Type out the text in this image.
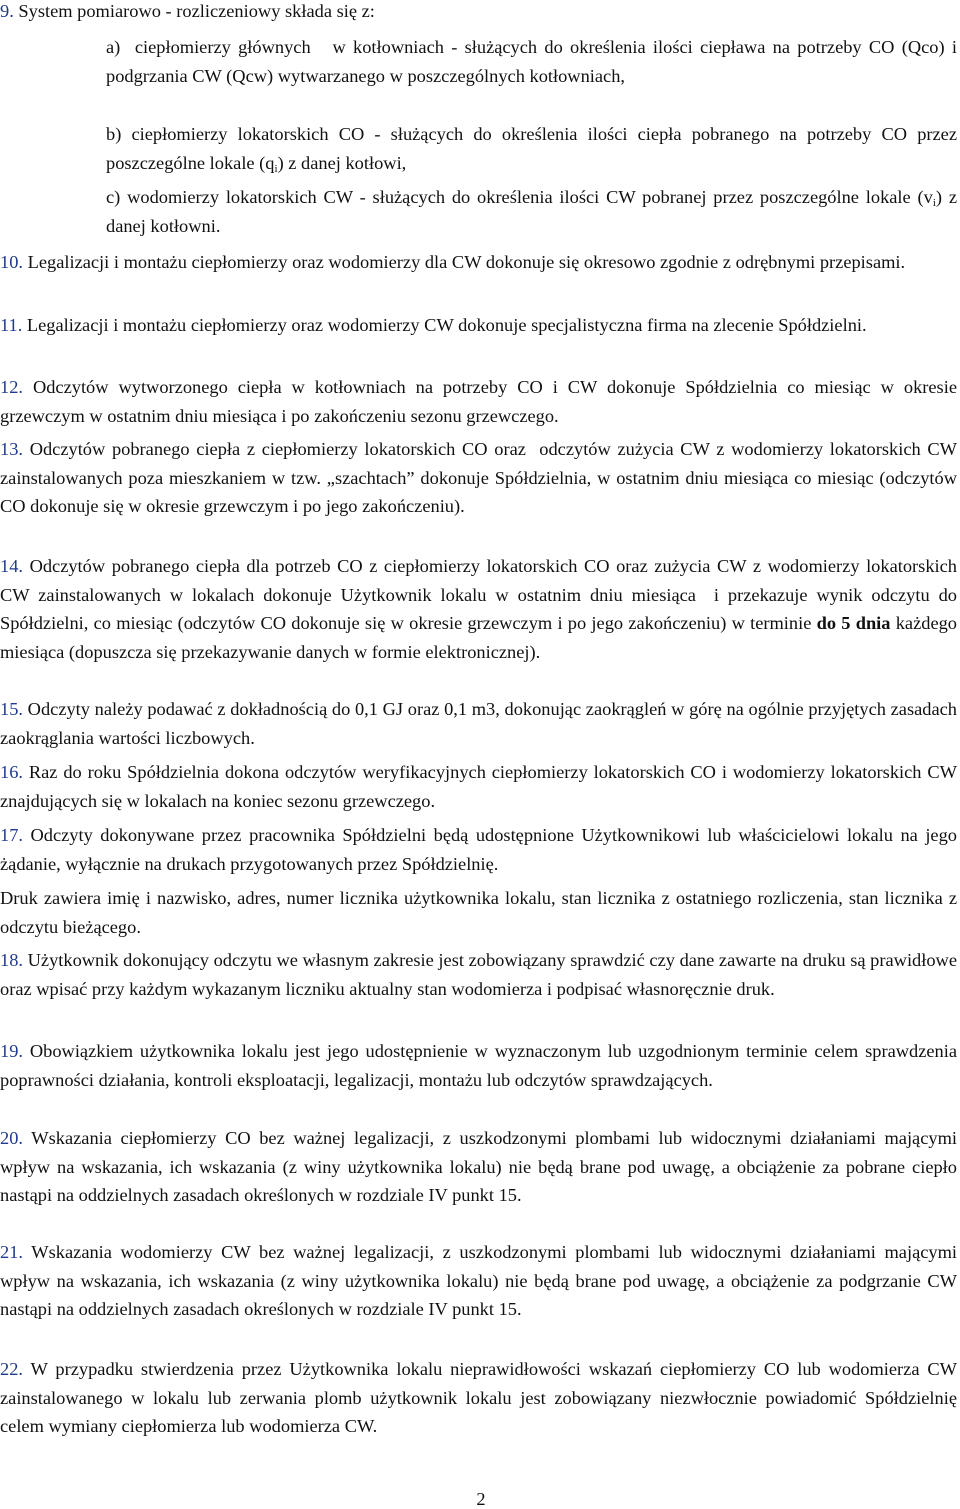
9. System pomiarowo - rozliczeniowy składa się z:

a)  ciepłomierzy głównych   w kotłowniach - służących do określenia ilości ciepława na potrzeby CO (Qco) i podgrzania CW (Qcw) wytwarzanego w poszczególnych kotłowniach,

b) ciepłomierzy lokatorskich CO - służących do określenia ilości ciepła pobranego na potrzeby CO przez poszczególne lokale $(q_i)$ z danej kotłowi,

c) wodomierzy lokatorskich CW - służących do określenia ilości CW pobranej przez poszczególne lokale $(v_i)$ z danej kotłowni.

10. Legalizacji i montażu ciepłomierzy oraz wodomierzy dla CW dokonuje się okresowo zgodnie z odrębnymi przepisami.

11. Legalizacji i montażu ciepłomierzy oraz wodomierzy CW dokonuje specjalistyczna firma na zlecenie Spółdzielni.

12. Odczytów wytworzonego ciepła w kotłowniach na potrzeby CO i CW dokonuje Spółdzielnia co miesiąc w okresie grzewczym w ostatnim dniu miesiąca i po zakończeniu sezonu grzewczego.

13. Odczytów pobranego ciepła z ciepłomierzy lokatorskich CO oraz  odczytów zużycia CW z wodomierzy lokatorskich CW zainstalowanych poza mieszkaniem w tzw. „szachtach” dokonuje Spółdzielnia, w ostatnim dniu miesiąca co miesiąc (odczytów CO dokonuje się w okresie grzewczym i po jego zakończeniu).

14. Odczytów pobranego ciepła dla potrzeb CO z ciepłomierzy lokatorskich CO oraz zużycia CW z wodomierzy lokatorskich CW zainstalowanych w lokalach dokonuje Użytkownik lokalu w ostatnim dniu miesiąca  i przekazuje wynik odczytu do Spółdzielni, co miesiąc (odczytów CO dokonuje się w okresie grzewczym i po jego zakończeniu) w terminie do 5 dnia każdego miesiąca (dopuszcza się przekazywanie danych w formie elektronicznej).

15. Odczyty należy podawać z dokładnością do 0,1 GJ oraz 0,1 m3, dokonując zaokrągleń w górę na ogólnie przyjętych zasadach zaokrąglania wartości liczbowych.

16. Raz do roku Spółdzielnia dokona odczytów weryfikacyjnych ciepłomierzy lokatorskich CO i wodomierzy lokatorskich CW znajdujących się w lokalach na koniec sezonu grzewczego.

17. Odczyty dokonywane przez pracownika Spółdzielni będą udostępnione Użytkownikowi lub właścicielowi lokalu na jego żądanie, wyłącznie na drukach przygotowanych przez Spółdzielnię.

Druk zawiera imię i nazwisko, adres, numer licznika użytkownika lokalu, stan licznika z ostatniego rozliczenia, stan licznika z odczytu bieżącego.

18. Użytkownik dokonujący odczytu we własnym zakresie jest zobowiązany sprawdzić czy dane zawarte na druku są prawidłowe oraz wpisać przy każdym wykazanym liczniku aktualny stan wodomierza i podpisać własnoręcznie druk.

19. Obowiązkiem użytkownika lokalu jest jego udostępnienie w wyznaczonym lub uzgodnionym terminie celem sprawdzenia poprawności działania, kontroli eksploatacji, legalizacji, montażu lub odczytów sprawdzających.

20. Wskazania ciepłomierzy CO bez ważnej legalizacji, z uszkodzonymi plombami lub widocznymi działaniami mającymi wpływ na wskazania, ich wskazania (z winy użytkownika lokalu) nie będą brane pod uwagę, a obciążenie za pobrane ciepło nastąpi na oddzielnych zasadach określonych w rozdziale IV punkt 15.

21. Wskazania wodomierzy CW bez ważnej legalizacji, z uszkodzonymi plombami lub widocznymi działaniami mającymi wpływ na wskazania, ich wskazania (z winy użytkownika lokalu) nie będą brane pod uwagę, a obciążenie za podgrzanie CW nastąpi na oddzielnych zasadach określonych w rozdziale IV punkt 15.

22. W przypadku stwierdzenia przez Użytkownika lokalu nieprawidłowości wskazań ciepłomierzy CO lub wodomierza CW zainstalowanego w lokalu lub zerwania plomb użytkownik lokalu jest zobowiązany niezwłocznie powiadomić Spółdzielnię celem wymiany ciepłomierza lub wodomierza CW.

2
